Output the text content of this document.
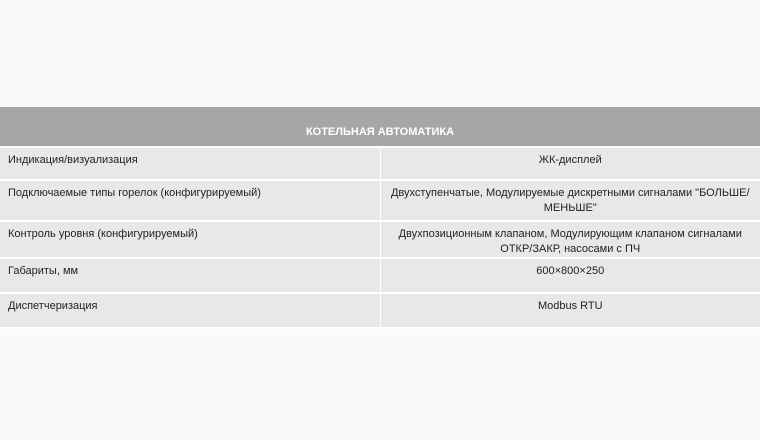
КОТЕЛЬНАЯ АВТОМАТИКА	
Индикация/визуализация	ЖК-дисплей
Подключаемые типы горелок (конфигурируемый)	Двухступенчатые, Модулируемые дискретными сигналами "БОЛЬШЕ/МЕНЬШЕ"
Контроль уровня (конфигурируемый)	Двухпозиционным клапаном, Модулирующим клапаном сигналами ОТКР/ЗАКР, насосами с ПЧ
Габариты, мм	600×800×250
Диспетчеризация	Modbus RTU
